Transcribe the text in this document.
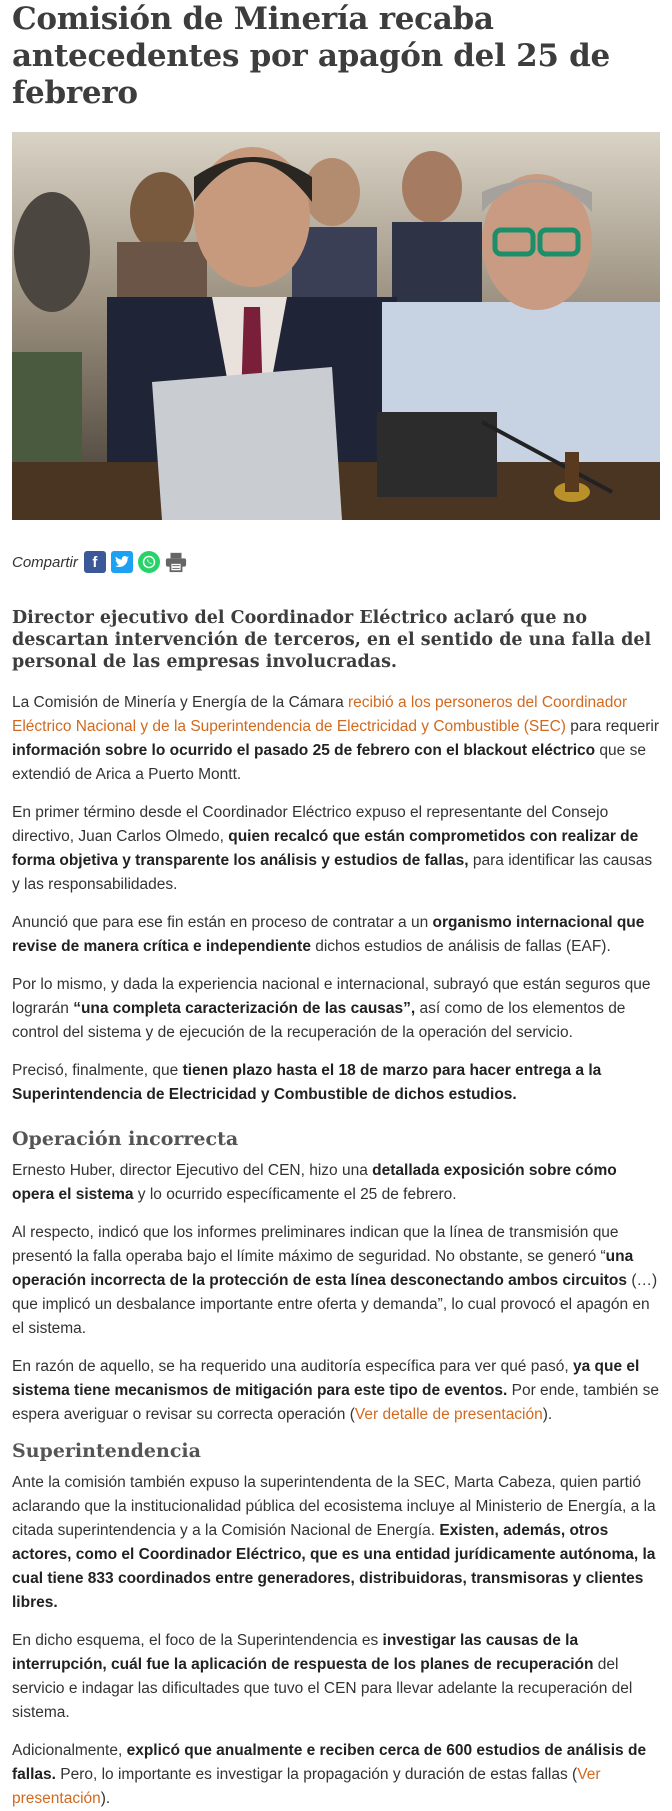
Comisión de Minería recaba antecedentes por apagón del 25 de febrero
Compartir f
Director ejecutivo del Coordinador Eléctrico aclaró que no descartan intervención de terceros, en el sentido de una falla del personal de las empresas involucradas.

La Comisión de Minería y Energía de la Cámara recibió a los personeros del Coordinador Eléctrico Nacional y de la Superintendencia de Electricidad y Combustible (SEC) para requerir información sobre lo ocurrido el pasado 25 de febrero con el blackout eléctrico que se extendió de Arica a Puerto Montt.

En primer término desde el Coordinador Eléctrico expuso el representante del Consejo directivo, Juan Carlos Olmedo, quien recalcó que están comprometidos con realizar de forma objetiva y transparente los análisis y estudios de fallas, para identificar las causas y las responsabilidades.

Anunció que para ese fin están en proceso de contratar a un organismo internacional que revise de manera crítica e independiente dichos estudios de análisis de fallas (EAF).

Por lo mismo, y dada la experiencia nacional e internacional, subrayó que están seguros que lograrán “una completa caracterización de las causas”, así como de los elementos de control del sistema y de ejecución de la recuperación de la operación del servicio.

Precisó, finalmente, que tienen plazo hasta el 18 de marzo para hacer entrega a la Superintendencia de Electricidad y Combustible de dichos estudios.

Operación incorrecta

Ernesto Huber, director Ejecutivo del CEN, hizo una detallada exposición sobre cómo opera el sistema y lo ocurrido específicamente el 25 de febrero.

Al respecto, indicó que los informes preliminares indican que la línea de transmisión que presentó la falla operaba bajo el límite máximo de seguridad. No obstante, se generó “una operación incorrecta de la protección de esta línea desconectando ambos circuitos (…) que implicó un desbalance importante entre oferta y demanda”, lo cual provocó el apagón en el sistema.

En razón de aquello, se ha requerido una auditoría específica para ver qué pasó, ya que el sistema tiene mecanismos de mitigación para este tipo de eventos. Por ende, también se espera averiguar o revisar su correcta operación (Ver detalle de presentación).

Superintendencia

Ante la comisión también expuso la superintendenta de la SEC, Marta Cabeza, quien partió aclarando que la institucionalidad pública del ecosistema incluye al Ministerio de Energía, a la citada superintendencia y a la Comisión Nacional de Energía. Existen, además, otros actores, como el Coordinador Eléctrico, que es una entidad jurídicamente autónoma, la cual tiene 833 coordinados entre generadores, distribuidoras, transmisoras y clientes libres.

En dicho esquema, el foco de la Superintendencia es investigar las causas de la interrupción, cuál fue la aplicación de respuesta de los planes de recuperación del servicio e indagar las dificultades que tuvo el CEN para llevar adelante la recuperación del sistema.

Adicionalmente, explicó que anualmente e reciben cerca de 600 estudios de análisis de fallas. Pero, lo importante es investigar la propagación y duración de estas fallas (Ver presentación).
